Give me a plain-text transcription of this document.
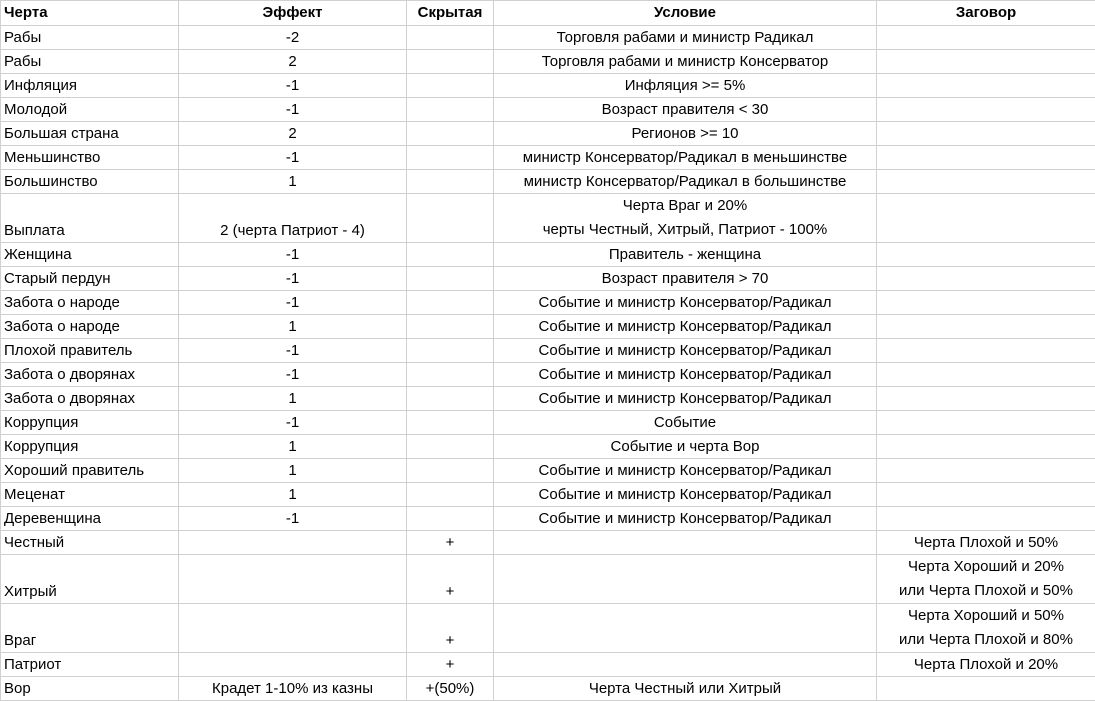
Черта	Эффект	Скрытая	Условие	Заговор
Рабы	-2		Торговля рабами и министр Радикал	
Рабы	2		Торговля рабами и министр Консерватор	
Инфляция	-1		Инфляция >= 5%	
Молодой	-1		Возраст правителя < 30	
Большая страна	2		Регионов >= 10	
Меньшинство	-1		министр Консерватор/Радикал в меньшинстве	
Большинство	1		министр Консерватор/Радикал в большинстве	
Выплата	2 (черта Патриот - 4)		Черта Враг и 20%
черты Честный, Хитрый, Патриот - 100%	

Женщина	-1		Правитель - женщина	
Старый пердун	-1		Возраст правителя > 70	
Забота о народе	-1		Событие и министр Консерватор/Радикал	
Забота о народе	1		Событие и министр Консерватор/Радикал	
Плохой правитель	-1		Событие и министр Консерватор/Радикал	
Забота о дворянах	-1		Событие и министр Консерватор/Радикал	
Забота о дворянах	1		Событие и министр Консерватор/Радикал	
Коррупция	-1		Событие	
Коррупция	1		Событие и черта Вор	
Хороший правитель	1		Событие и министр Консерватор/Радикал	
Меценат	1		Событие и министр Консерватор/Радикал	
Деревенщина	-1		Событие и министр Консерватор/Радикал	
Честный		+		Черта Плохой и 50%
Хитрый		+		Черта Хороший и 20%
или Черта Плохой и 50%

Враг		+		Черта Хороший и 50%
или Черта Плохой и 80%

Патриот		+		Черта Плохой и 20%
Вор	Крадет 1-10% из казны	+(50%)	Черта Честный или Хитрый	
